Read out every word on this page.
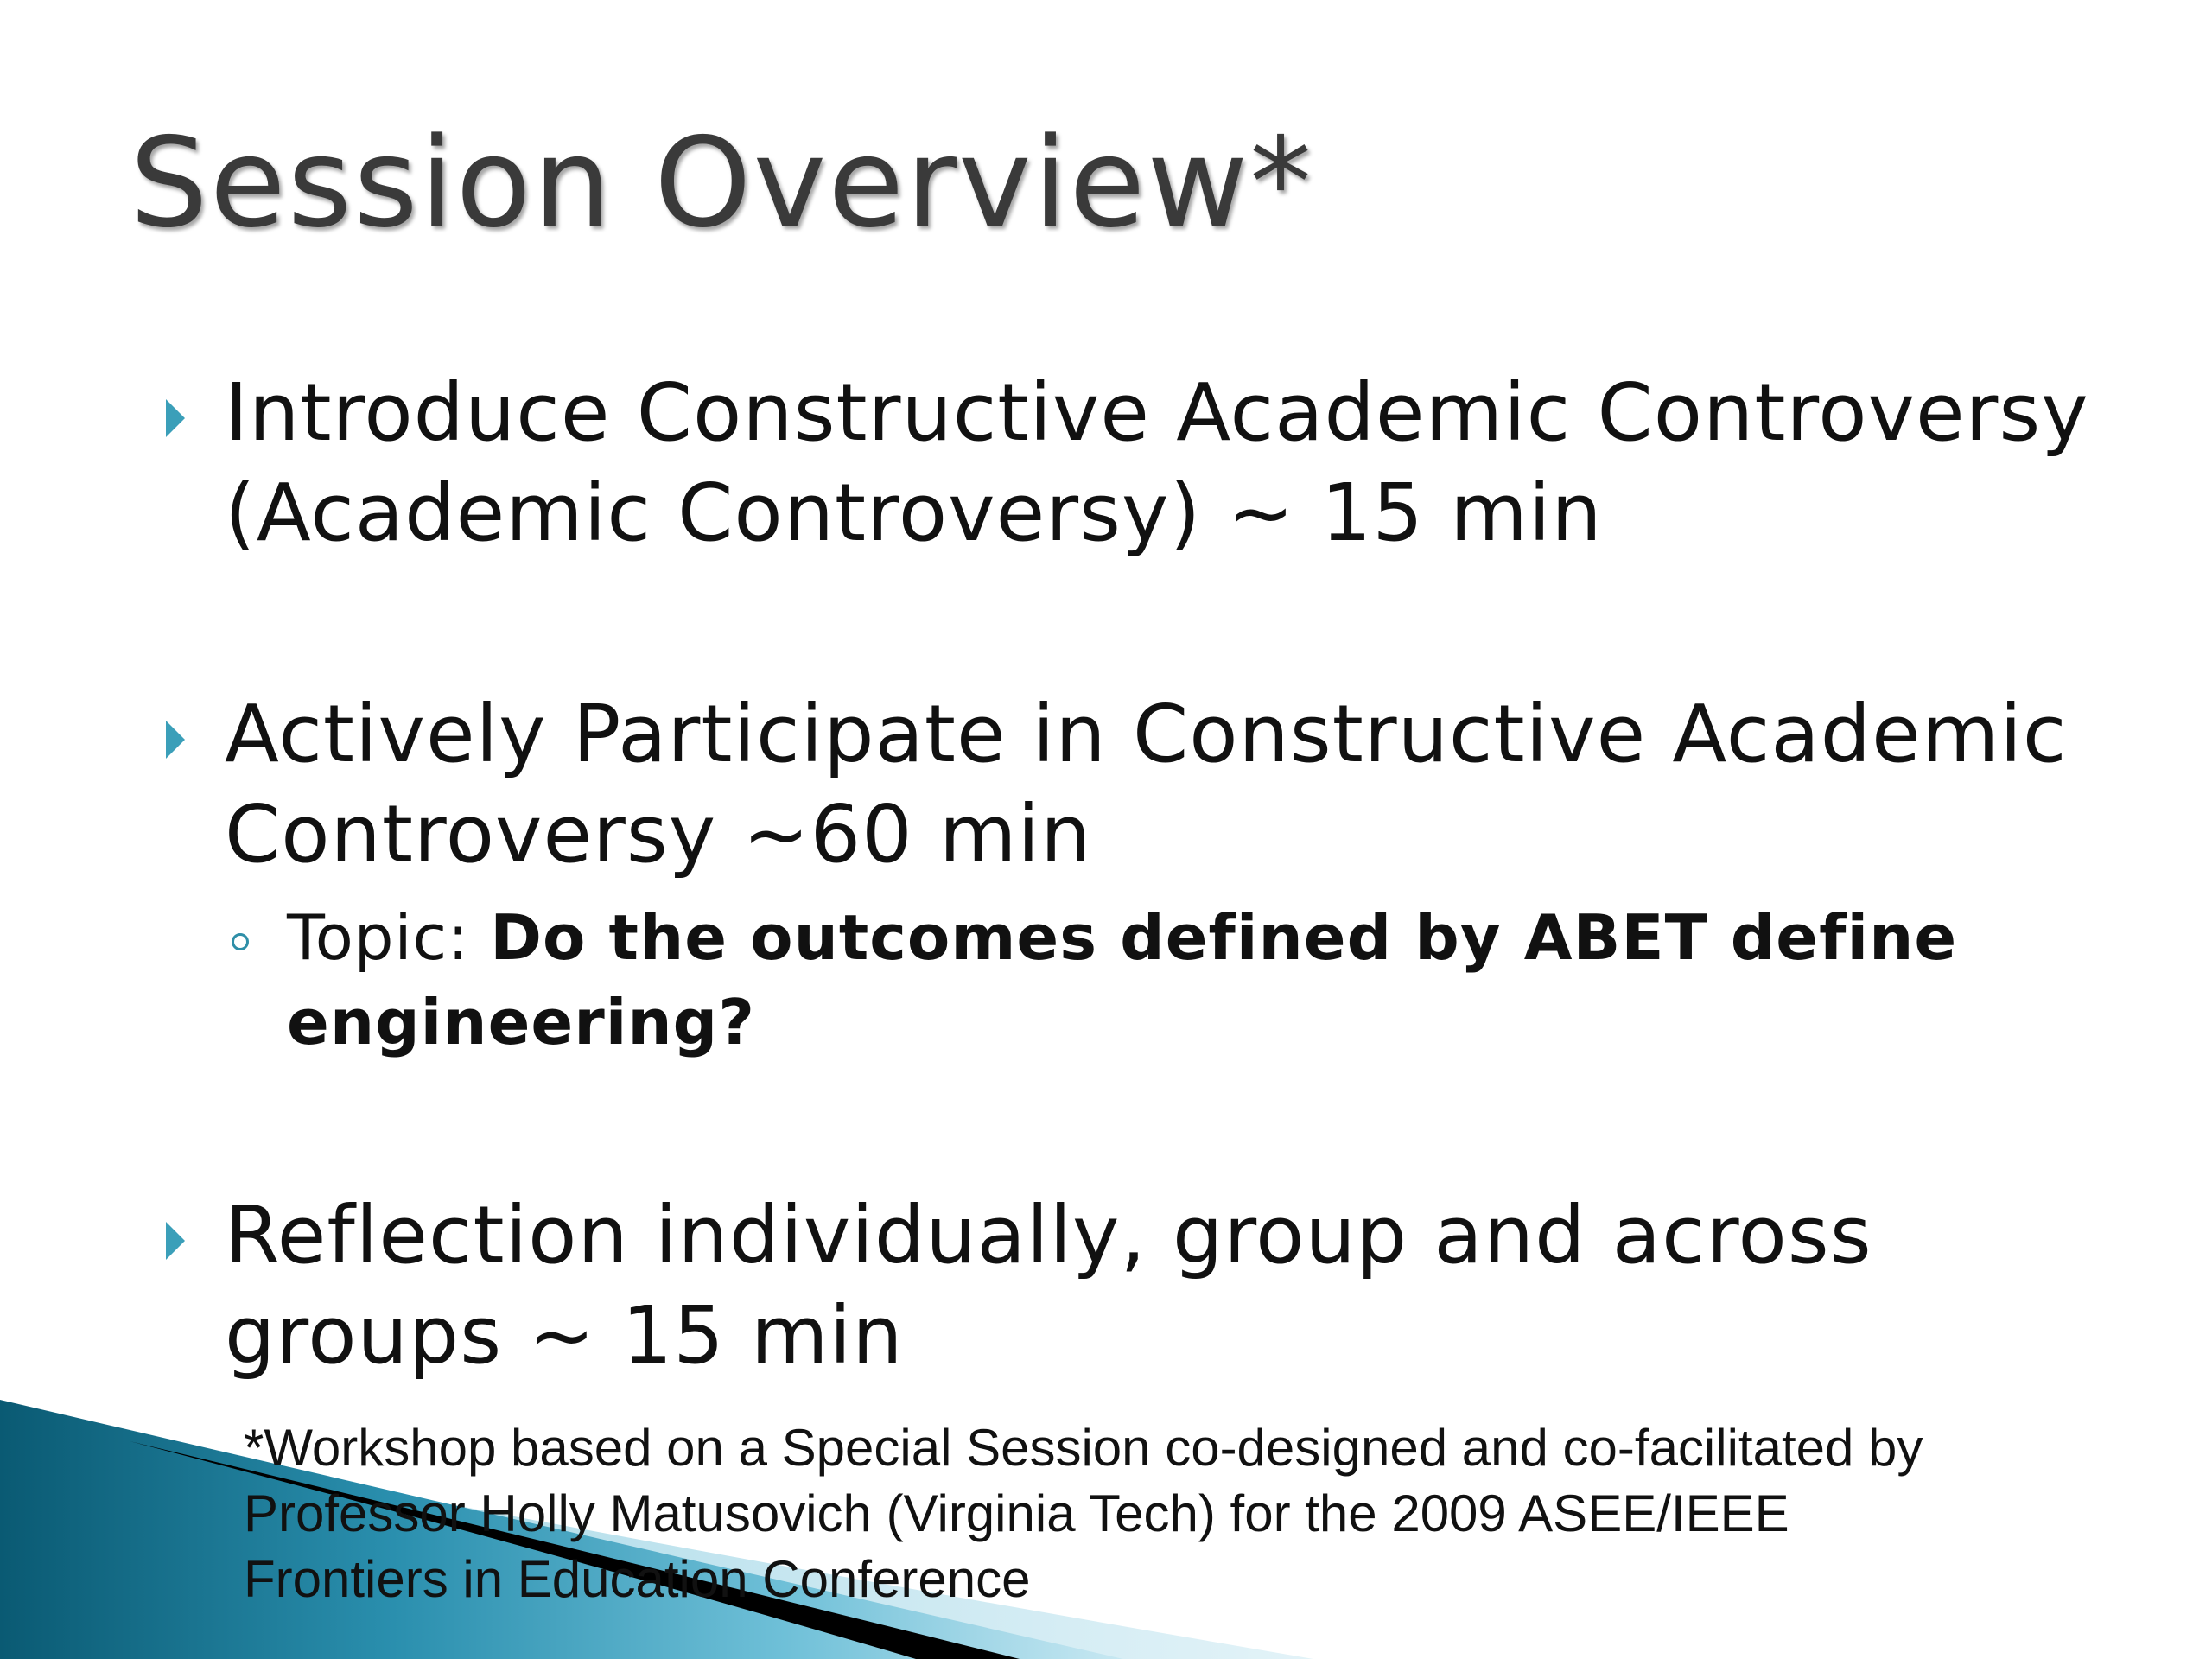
Session Overview*
Introduce Constructive Academic Controversy
(Academic Controversy) ~ 15 min
Actively Participate in Constructive Academic
Controversy ~60 min
Topic: Do the outcomes defined by ABET define
engineering?
Reflection individually, group and across
groups ~ 15 min
*Workshop based on a Special Session co-designed and co-facilitated by
Professor Holly Matusovich (Virginia Tech) for the 2009 ASEE/IEEE
Frontiers in Education Conference
